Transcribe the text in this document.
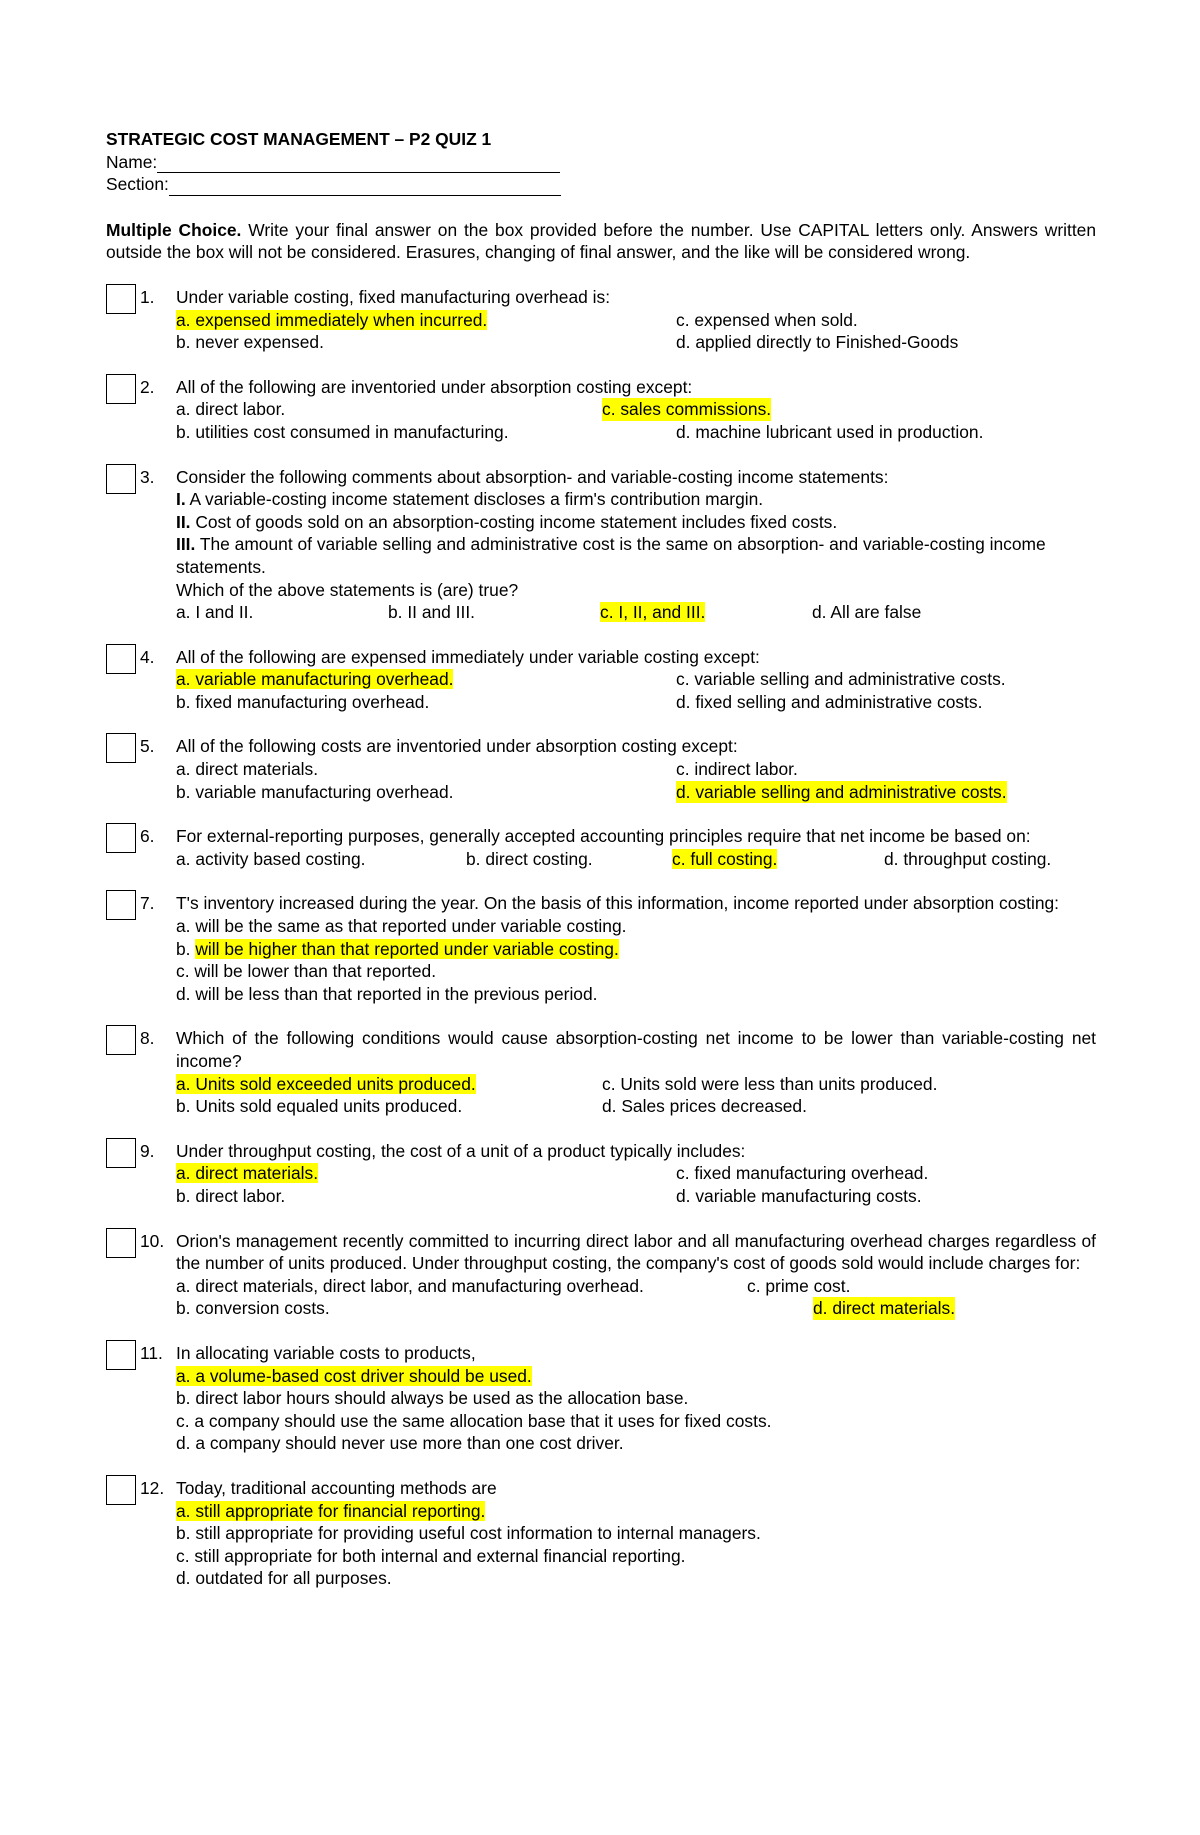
STRATEGIC COST MANAGEMENT – P2 QUIZ 1
Name:
Section:
Multiple Choice. Write your final answer on the box provided before the number. Use CAPITAL letters only. Answers written outside the box will not be considered. Erasures, changing of final answer, and the like will be considered wrong.
1. Under variable costing, fixed manufacturing overhead is:
a. expensed immediately when incurred.	c. expensed when sold.
b. never expensed.	d. applied directly to Finished-Goods
2. All of the following are inventoried under absorption costing except:
a. direct labor.	c. sales commissions.
b. utilities cost consumed in manufacturing.	d. machine lubricant used in production.
3. Consider the following comments about absorption- and variable-costing income statements:
I. A variable-costing income statement discloses a firm's contribution margin.
II. Cost of goods sold on an absorption-costing income statement includes fixed costs.
III. The amount of variable selling and administrative cost is the same on absorption- and variable-costing income statements.
Which of the above statements is (are) true?
a. I and II.	b. II and III.	c. I, II, and III.	d. All are false
4. All of the following are expensed immediately under variable costing except:
a. variable manufacturing overhead.	c. variable selling and administrative costs.
b. fixed manufacturing overhead.	d. fixed selling and administrative costs.
5. All of the following costs are inventoried under absorption costing except:
a. direct materials.	c. indirect labor.
b. variable manufacturing overhead.	d. variable selling and administrative costs.
6. For external-reporting purposes, generally accepted accounting principles require that net income be based on:
a. activity based costing.	b. direct costing.	c. full costing.	d. throughput costing.
7. T's inventory increased during the year. On the basis of this information, income reported under absorption costing:
a. will be the same as that reported under variable costing.
b. will be higher than that reported under variable costing.
c. will be lower than that reported.
d. will be less than that reported in the previous period.
8. Which of the following conditions would cause absorption-costing net income to be lower than variable-costing net income?
a. Units sold exceeded units produced.	c. Units sold were less than units produced.
b. Units sold equaled units produced.	d. Sales prices decreased.
9. Under throughput costing, the cost of a unit of a product typically includes:
a. direct materials.	c. fixed manufacturing overhead.
b. direct labor.	d. variable manufacturing costs.
10. Orion's management recently committed to incurring direct labor and all manufacturing overhead charges regardless of the number of units produced. Under throughput costing, the company's cost of goods sold would include charges for:
a. direct materials, direct labor, and manufacturing overhead.	c. prime cost.
b. conversion costs.	d. direct materials.
11. In allocating variable costs to products,
a. a volume-based cost driver should be used.
b. direct labor hours should always be used as the allocation base.
c. a company should use the same allocation base that it uses for fixed costs.
d. a company should never use more than one cost driver.
12. Today, traditional accounting methods are
a. still appropriate for financial reporting.
b. still appropriate for providing useful cost information to internal managers.
c. still appropriate for both internal and external financial reporting.
d. outdated for all purposes.
